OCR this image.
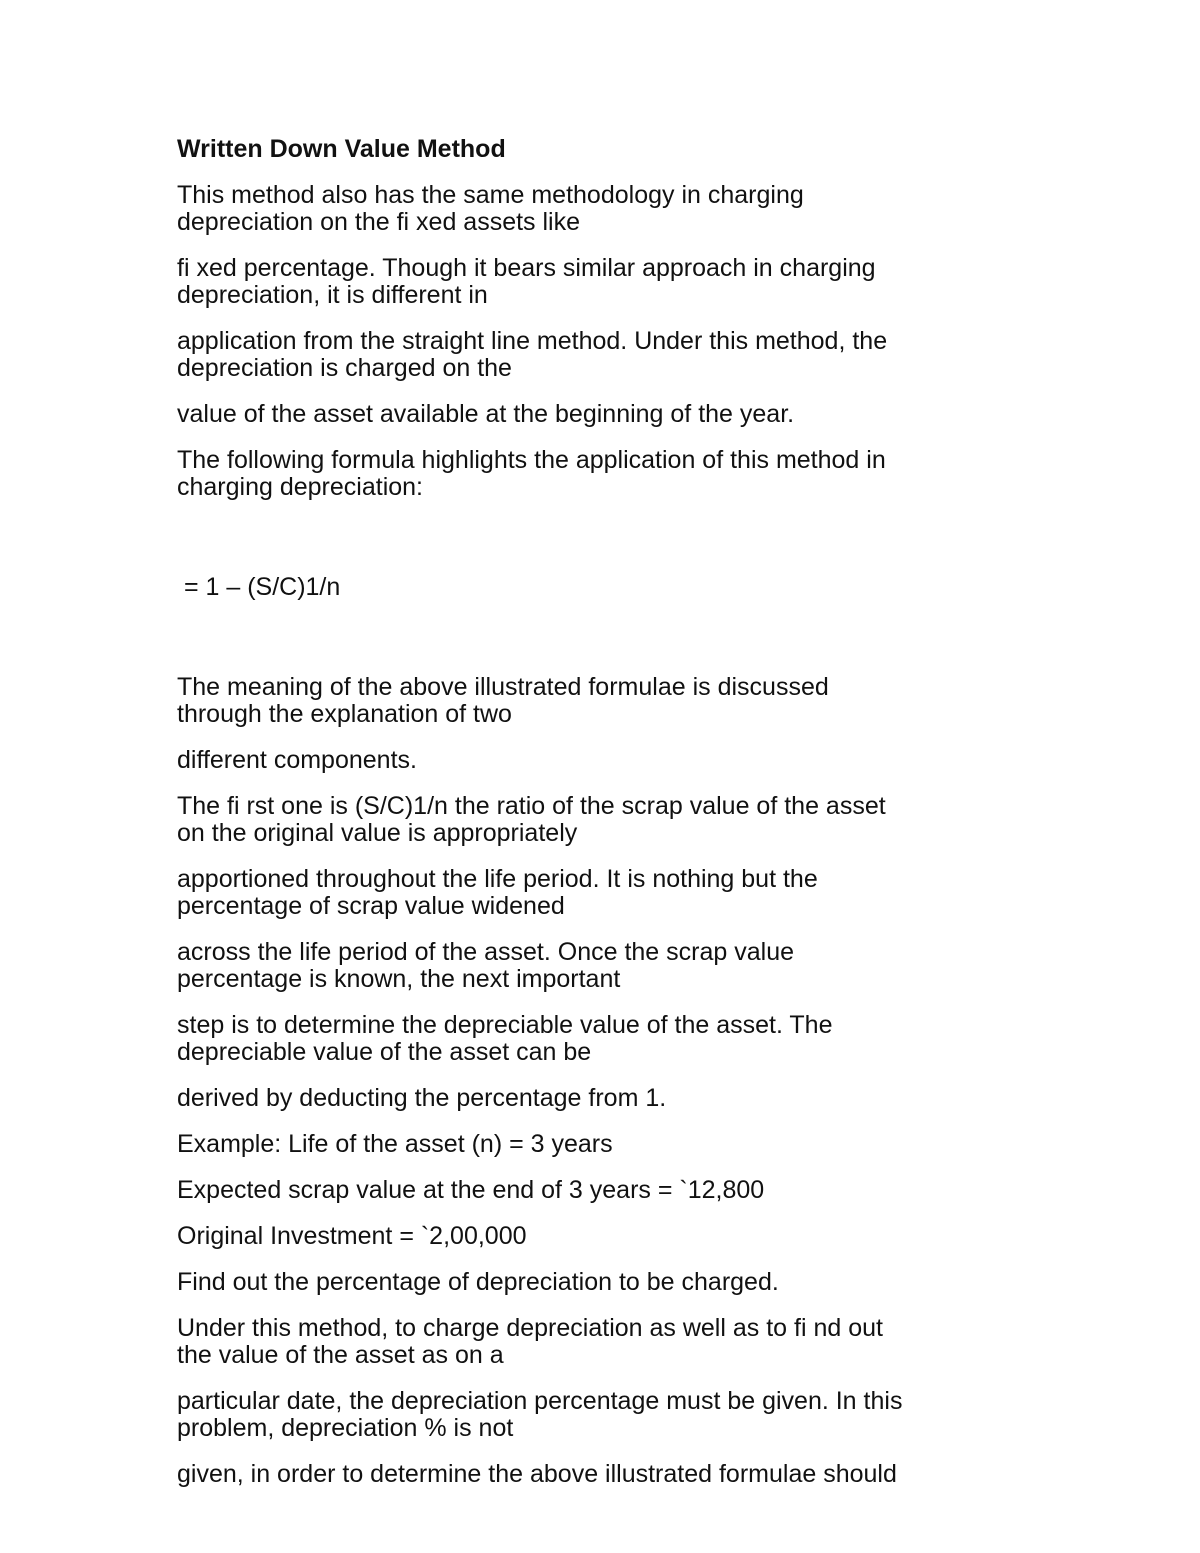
Written Down Value Method
This method also has the same methodology in charging
depreciation on the fi xed assets like
fi xed percentage. Though it bears similar approach in charging
depreciation, it is different in
application from the straight line method. Under this method, the
depreciation is charged on the
value of the asset available at the beginning of the year.
The following formula highlights the application of this method in
charging depreciation:

= 1 – (S/C)1/n

The meaning of the above illustrated formulae is discussed
through the explanation of two
different components.
The fi rst one is (S/C)1/n the ratio of the scrap value of the asset
on the original value is appropriately
apportioned throughout the life period. It is nothing but the
percentage of scrap value widened
across the life period of the asset. Once the scrap value
percentage is known, the next important
step is to determine the depreciable value of the asset. The
depreciable value of the asset can be
derived by deducting the percentage from 1.
Example: Life of the asset (n) = 3 years
Expected scrap value at the end of 3 years = `12,800
Original Investment = `2,00,000
Find out the percentage of depreciation to be charged.
Under this method, to charge depreciation as well as to fi nd out
the value of the asset as on a
particular date, the depreciation percentage must be given. In this
problem, depreciation % is not
given, in order to determine the above illustrated formulae should
